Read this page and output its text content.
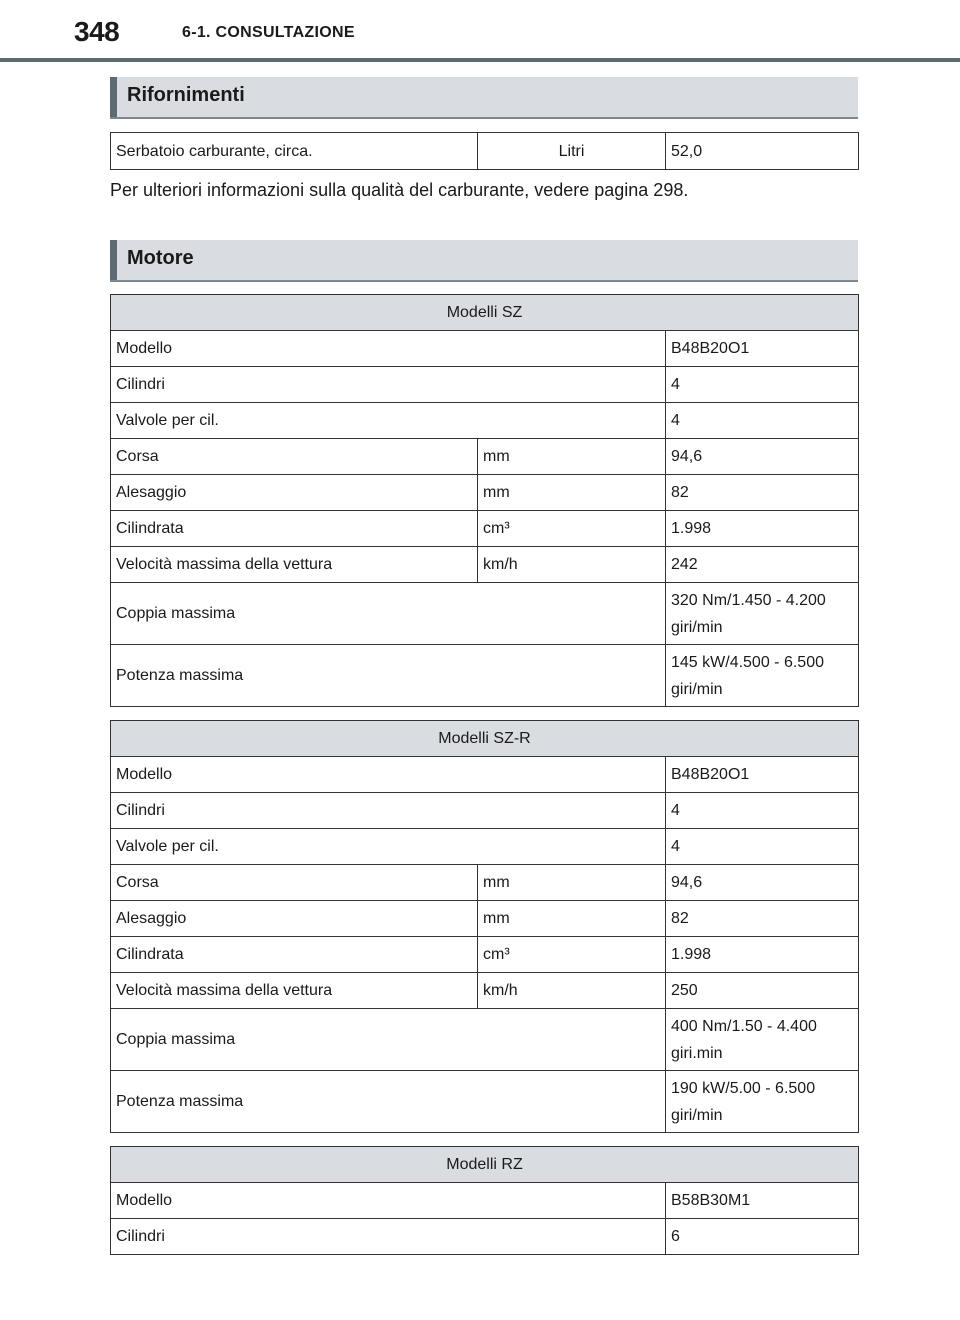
348	6-1. CONSULTAZIONE
Rifornimenti
Serbatoio carburante, circa.	Litri	52,0
Per ulteriori informazioni sulla qualità del carburante, vedere pagina 298.
Motore
Modelli SZ		
Modello		B48B20O1
Cilindri		4
Valvole per cil.		4
Corsa	mm	94,6
Alesaggio	mm	82
Cilindrata	cm³	1.998
Velocità massima della vettura	km/h	242
Coppia massima		320 Nm/1.450 - 4.200
giri/min

Potenza massima		145 kW/4.500 - 6.500
giri/min
Modelli SZ-R		
Modello		B48B20O1
Cilindri		4
Valvole per cil.		4
Corsa	mm	94,6
Alesaggio	mm	82
Cilindrata	cm³	1.998
Velocità massima della vettura	km/h	250
Coppia massima		400 Nm/1.50 - 4.400
giri.min

Potenza massima		190 kW/5.00 - 6.500
giri/min
Modelli RZ	
Modello	B58B30M1
Cilindri	6
